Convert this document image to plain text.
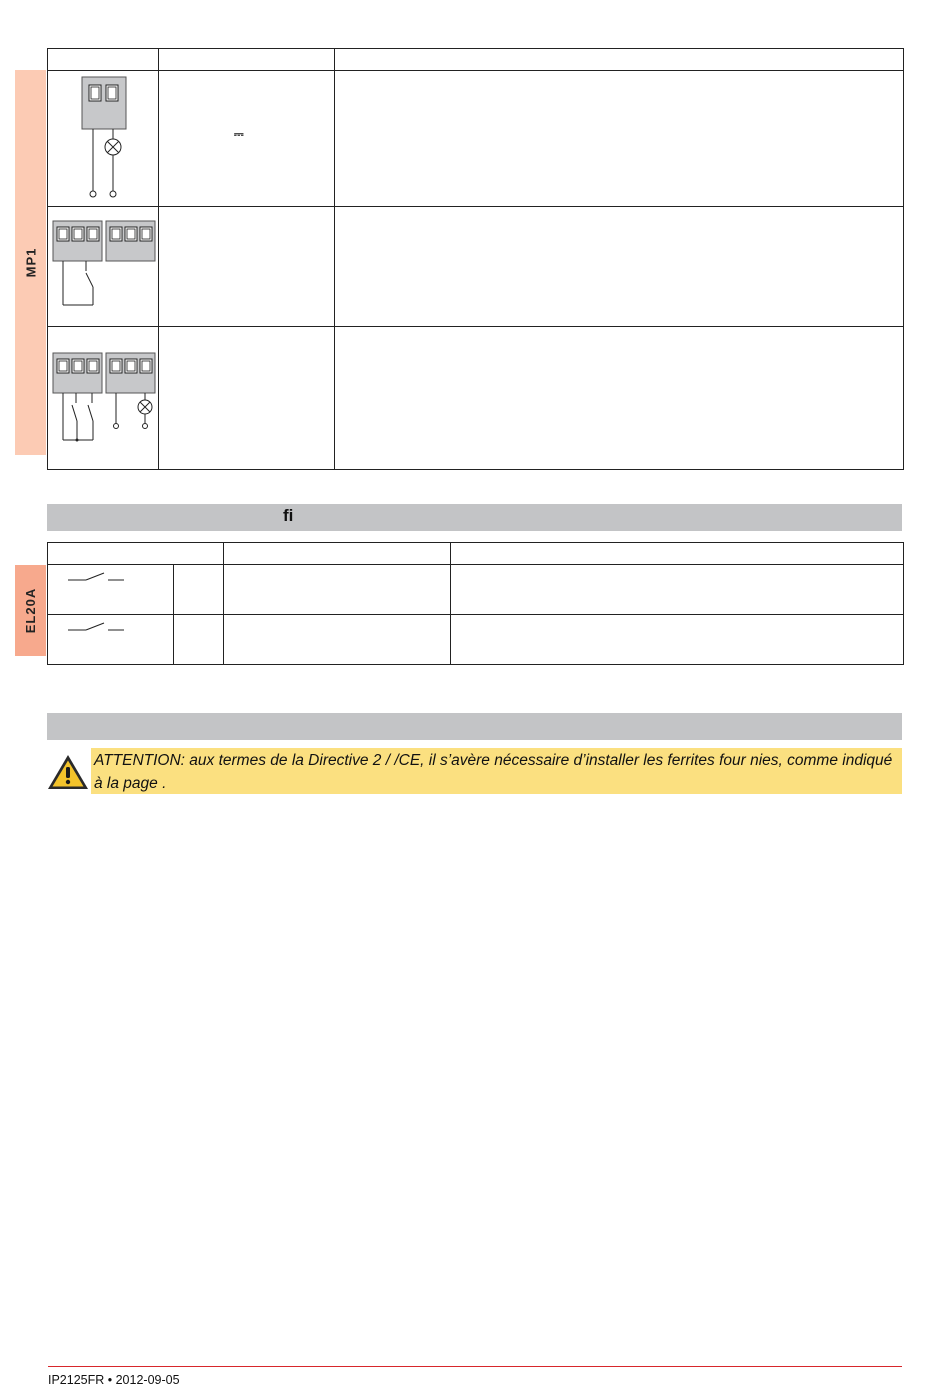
MP1

⎓	

fi
EL20A

ATTENTION: aux termes de la Directive 2 / /CE, il s’avère nécessaire d’installer les ferrites four nies, comme indiqué à la page .
IP2125FR • 2012-09-05
